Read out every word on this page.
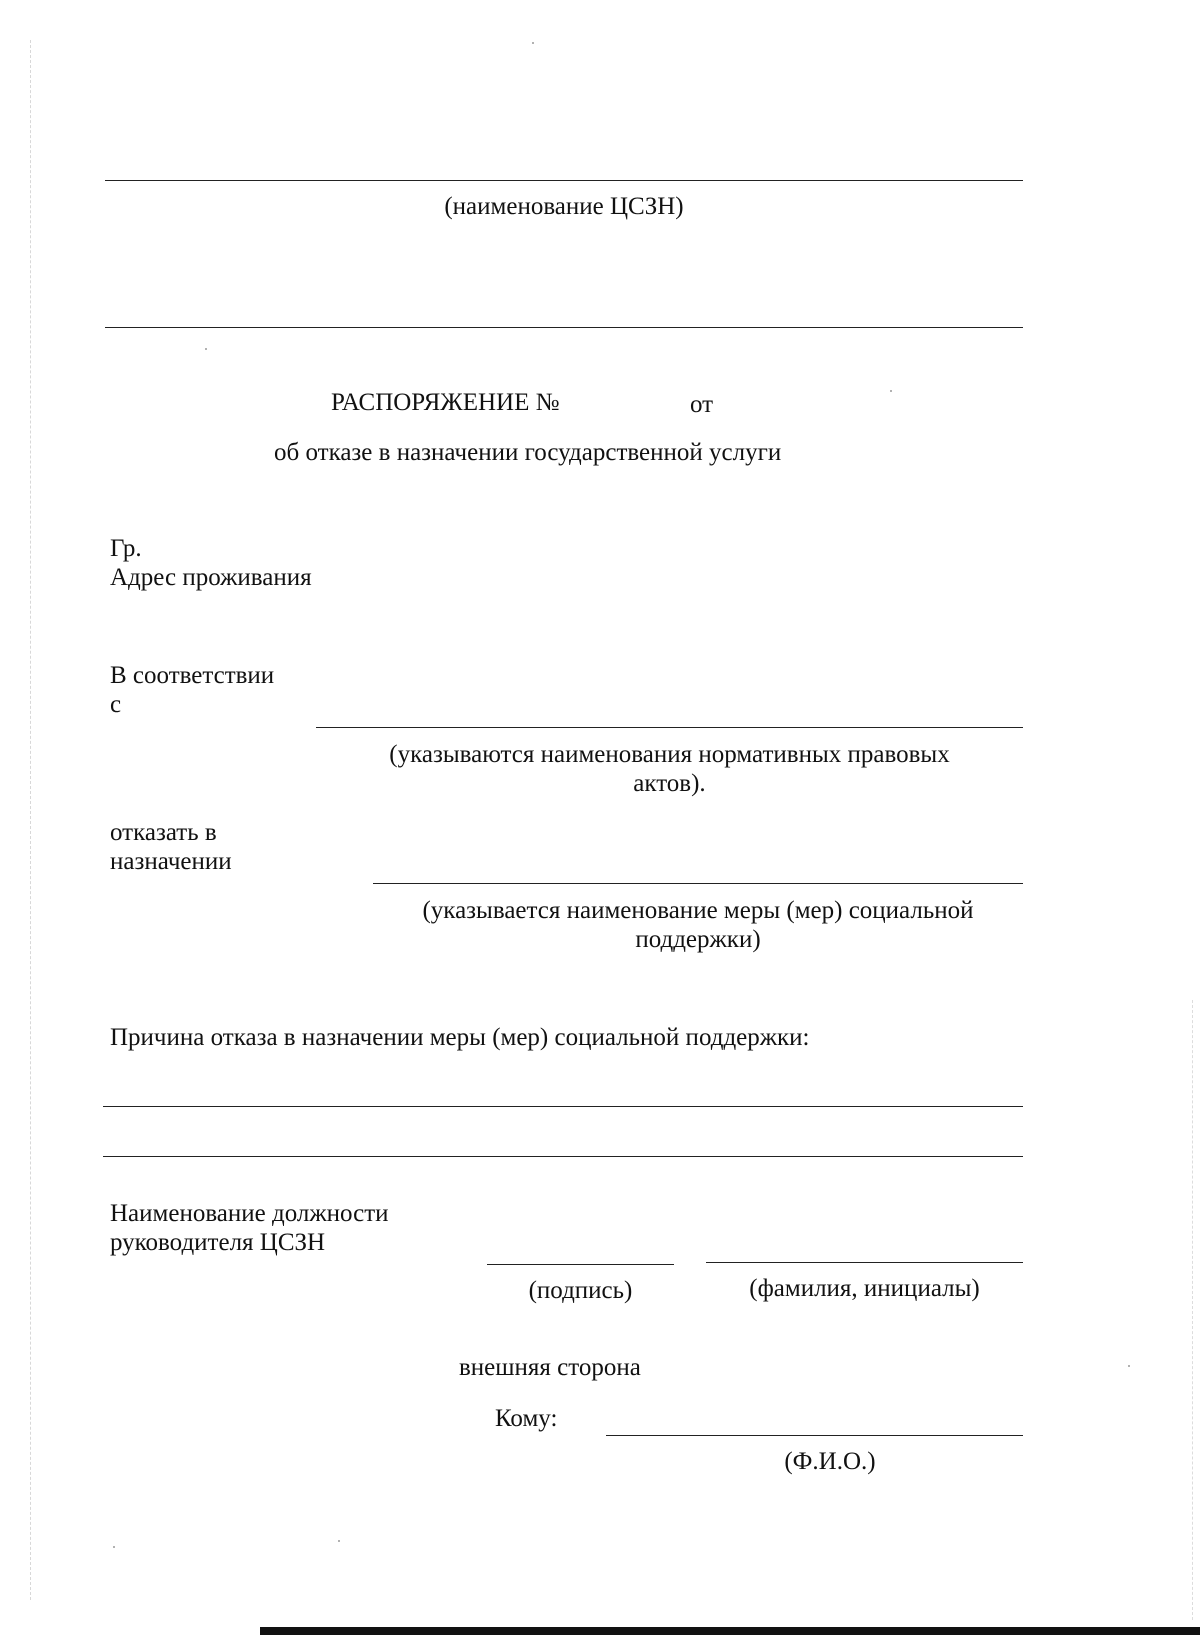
(наименование ЦСЗН)
РАСПОРЯЖЕНИЕ №	от
об отказе в назначении государственной услуги
Гр.
Адрес проживания
В соответствии
с
(указываются наименования нормативных правовых
актов).
отказать в
назначении
(указывается наименование меры (мер) социальной
поддержки)
Причина отказа в назначении меры (мер) социальной поддержки:
Наименование должности
руководителя ЦСЗН
(подпись)	(фамилия, инициалы)
внешняя сторона
Кому:
(Ф.И.О.)
